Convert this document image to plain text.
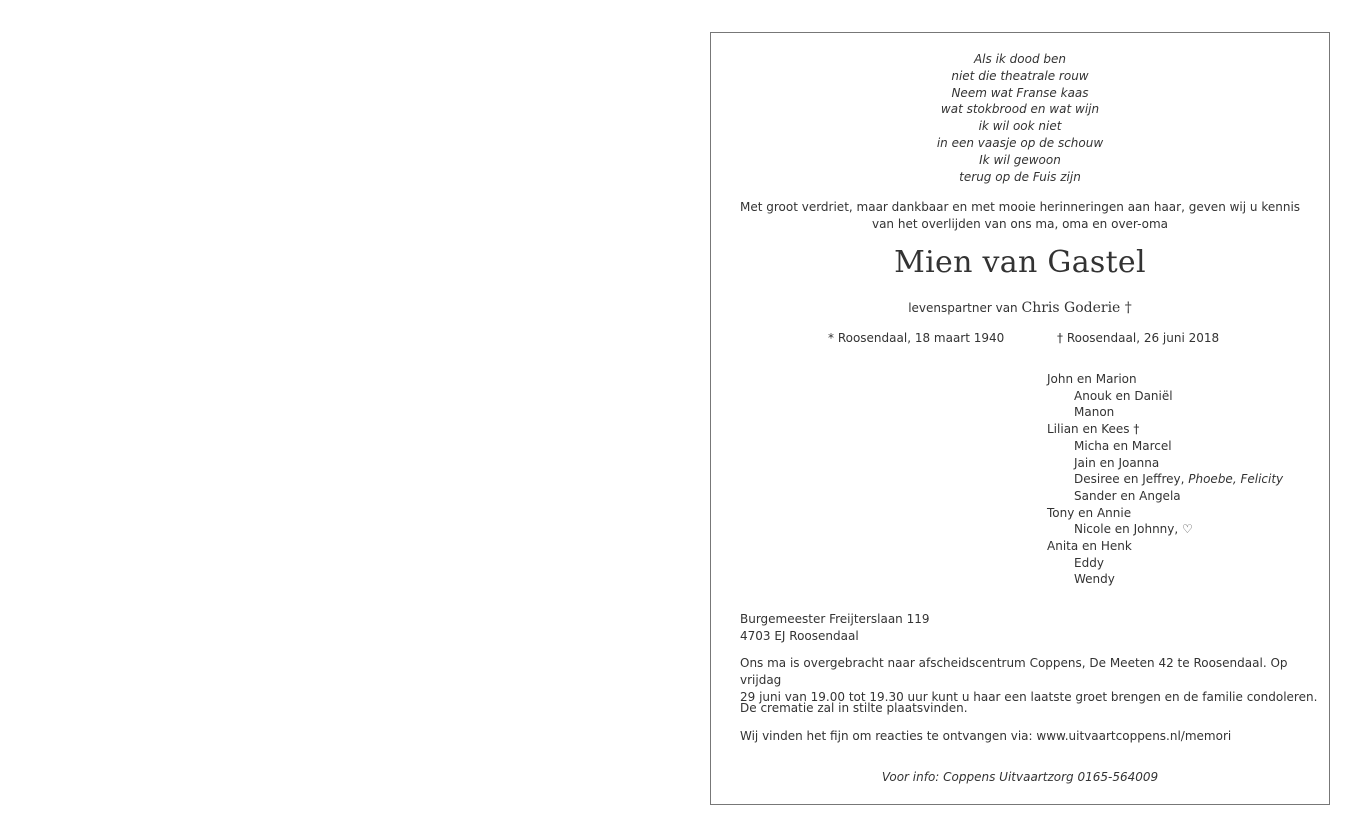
Als ik dood ben
niet die theatrale rouw
Neem wat Franse kaas
wat stokbrood en wat wijn
ik wil ook niet
in een vaasje op de schouw
Ik wil gewoon
terug op de Fuis zijn
Met groot verdriet, maar dankbaar en met mooie herinneringen aan haar, geven wij u kennis
van het overlijden van ons ma, oma en over-oma
Mien van Gastel
levenspartner van Chris Goderie †
* Roosendaal, 18 maart 1940	† Roosendaal, 26 juni 2018
John en Marion
Anouk en Daniël
Manon
Lilian en Kees †
Micha en Marcel
Jain en Joanna
Desiree en Jeffrey, Phoebe, Felicity
Sander en Angela
Tony en Annie
Nicole en Johnny, ♡
Anita en Henk
Eddy
Wendy
Burgemeester Freijterslaan 119
4703 EJ Roosendaal
Ons ma is overgebracht naar afscheidscentrum Coppens, De Meeten 42 te Roosendaal. Op vrijdag
29 juni van 19.00 tot 19.30 uur kunt u haar een laatste groet brengen en de familie condoleren.
De crematie zal in stilte plaatsvinden.
Wij vinden het fijn om reacties te ontvangen via: www.uitvaartcoppens.nl/memori
Voor info: Coppens Uitvaartzorg 0165-564009
